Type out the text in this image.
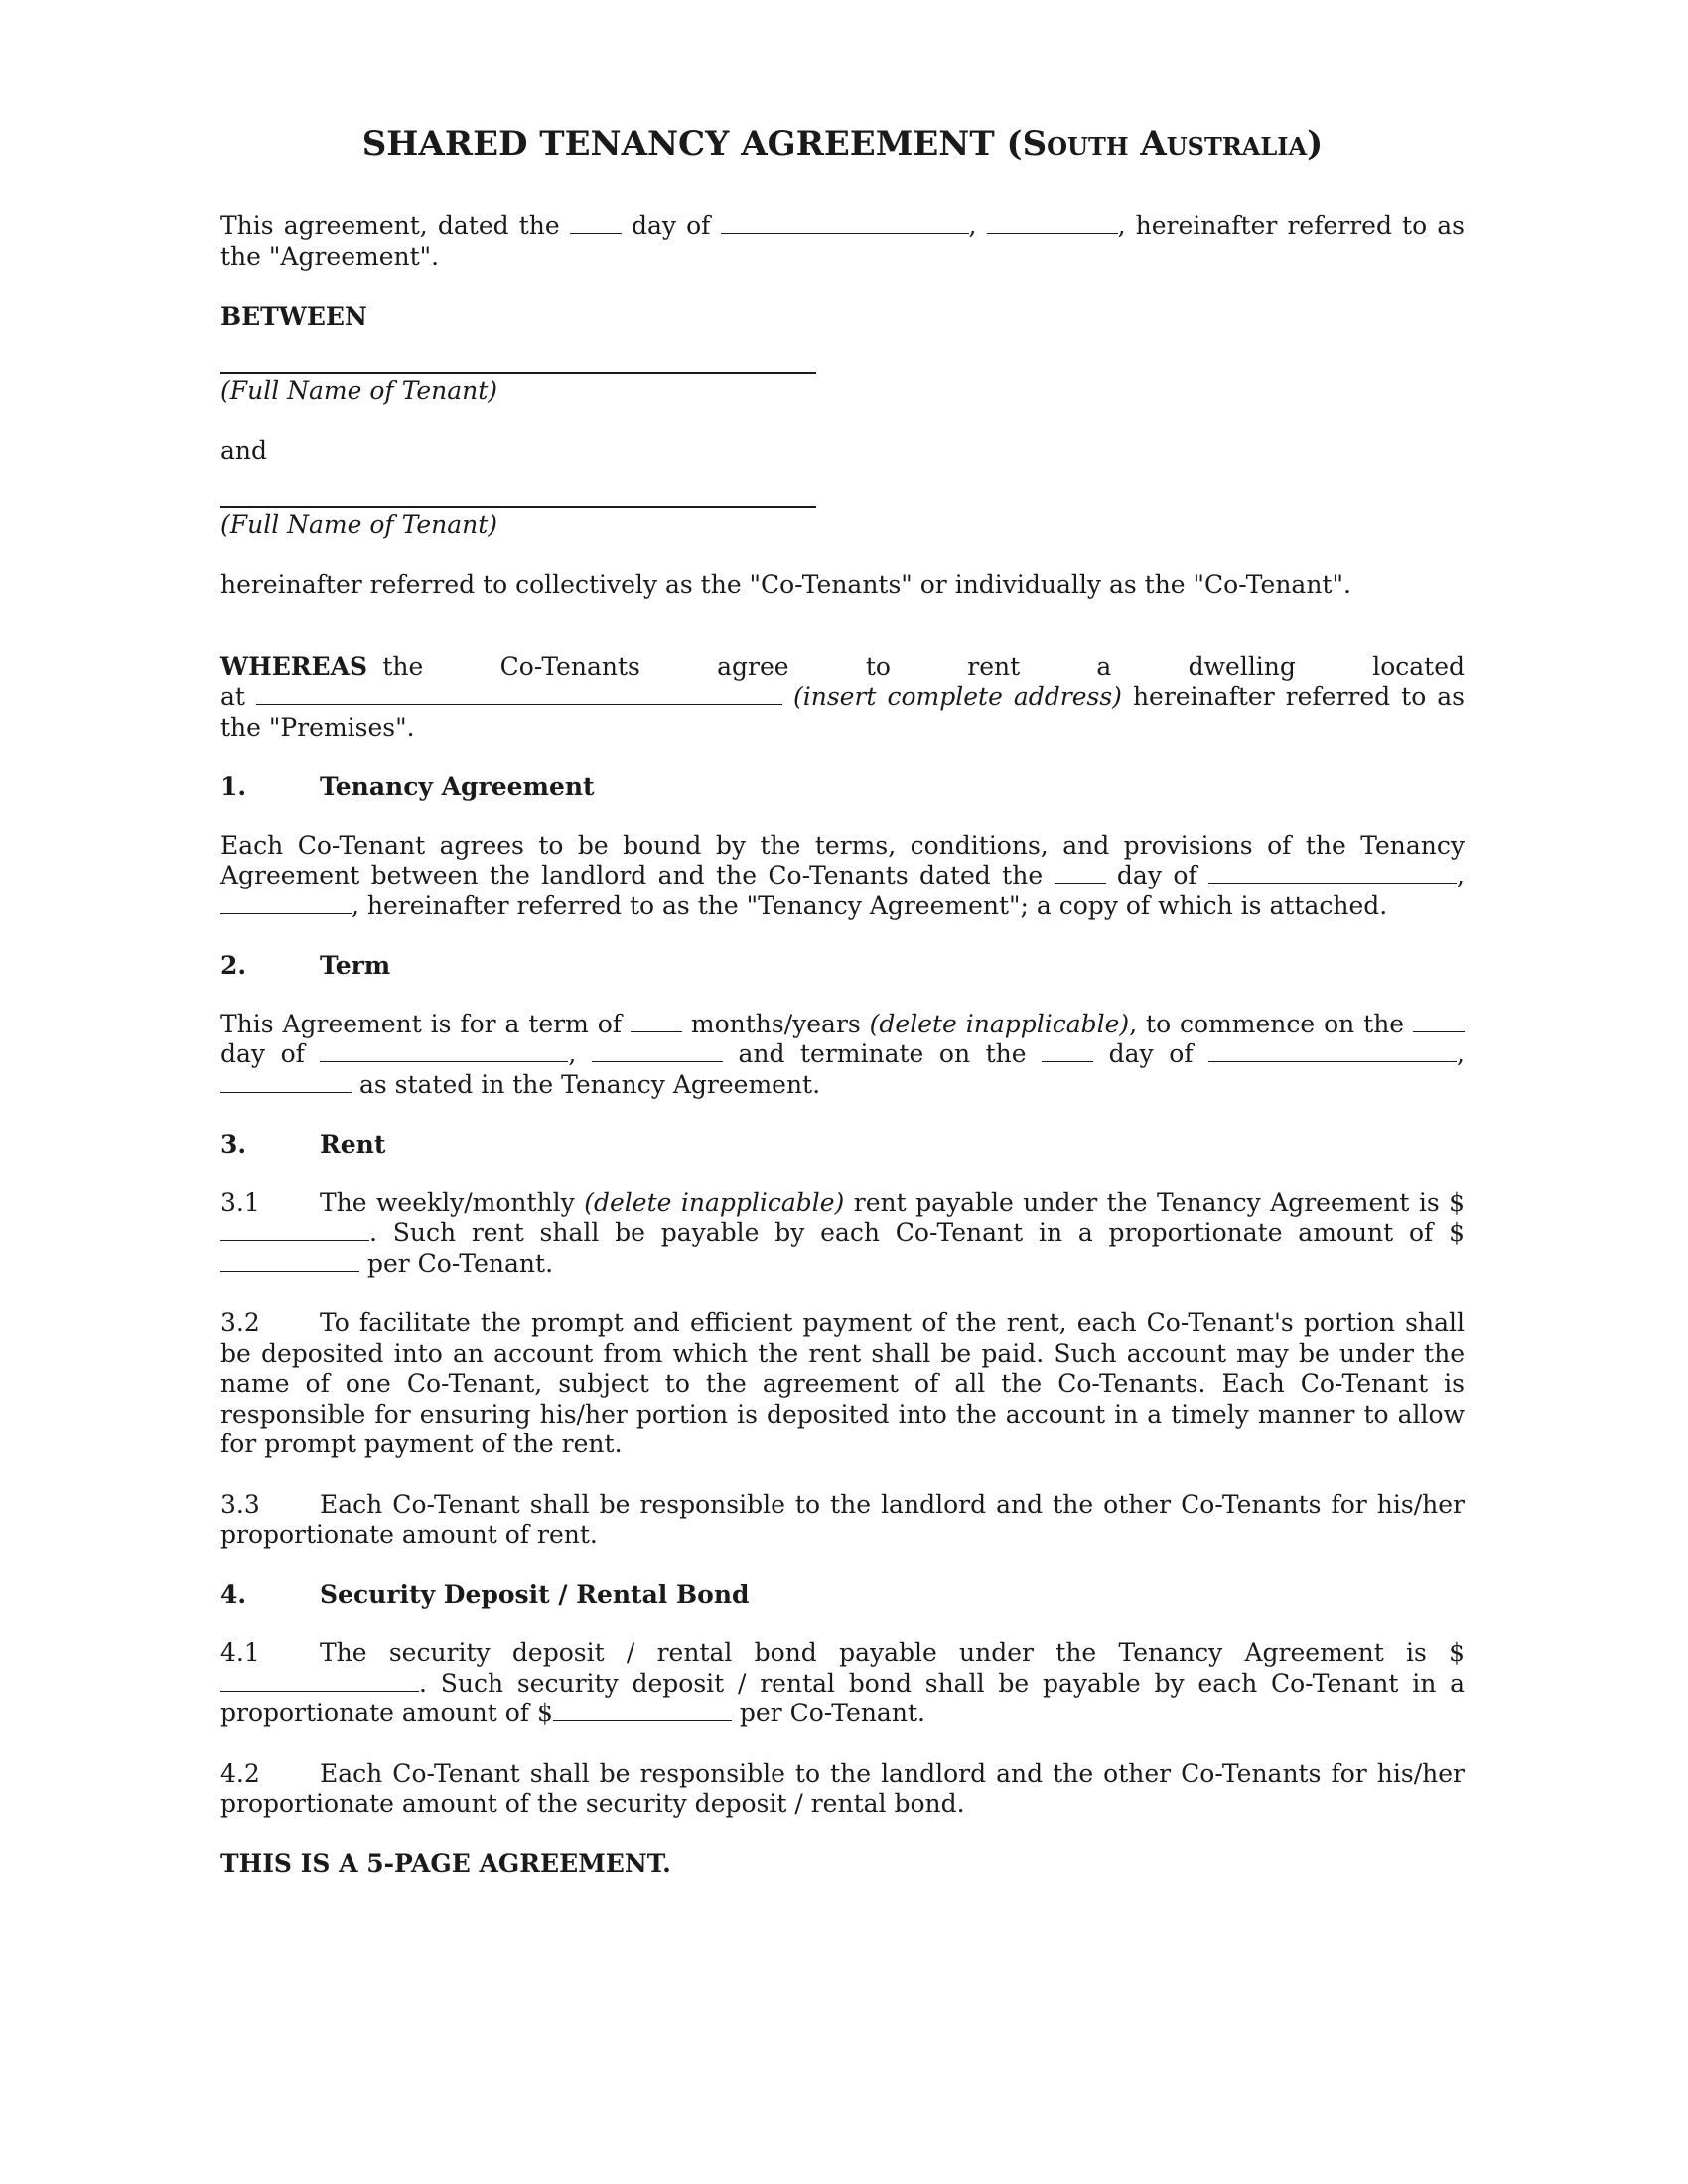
SHARED TENANCY AGREEMENT (South Australia)

This agreement, dated the	day of	,	, hereinafter referred to as the "Agreement".

BETWEEN

(Full Name of Tenant)

and

(Full Name of Tenant)

hereinafter referred to collectively as the "Co-Tenants" or individually as the "Co-Tenant".

WHEREAS the Co-Tenants agree to rent a dwelling located at	(insert complete address) hereinafter referred to as the "Premises".

1.	Tenancy Agreement

Each Co-Tenant agrees to be bound by the terms, conditions, and provisions of the Tenancy Agreement between the landlord and the Co-Tenants dated the	day of	, , hereinafter referred to as the "Tenancy Agreement"; a copy of which is attached.

2.	Term

This Agreement is for a term of	months/years (delete inapplicable), to commence on the  day of	,	and terminate on the	day of	,  as stated in the Tenancy Agreement.

3.	Rent

3.1 The weekly/monthly (delete inapplicable) rent payable under the Tenancy Agreement is $. Such rent shall be payable by each Co-Tenant in a proportionate amount of $ per Co-Tenant.

3.2 To facilitate the prompt and efficient payment of the rent, each Co-Tenant's portion shall be deposited into an account from which the rent shall be paid. Such account may be under the name of one Co-Tenant, subject to the agreement of all the Co-Tenants. Each Co-Tenant is responsible for ensuring his/her portion is deposited into the account in a timely manner to allow for prompt payment of the rent.

3.3 Each Co-Tenant shall be responsible to the landlord and the other Co-Tenants for his/her proportionate amount of rent.

4.	Security Deposit / Rental Bond

4.1 The security deposit / rental bond payable under the Tenancy Agreement is $. Such security deposit / rental bond shall be payable by each Co-Tenant in a proportionate amount of $	per Co-Tenant.

4.2 Each Co-Tenant shall be responsible to the landlord and the other Co-Tenants for his/her proportionate amount of the security deposit / rental bond.

THIS IS A 5-PAGE AGREEMENT.
